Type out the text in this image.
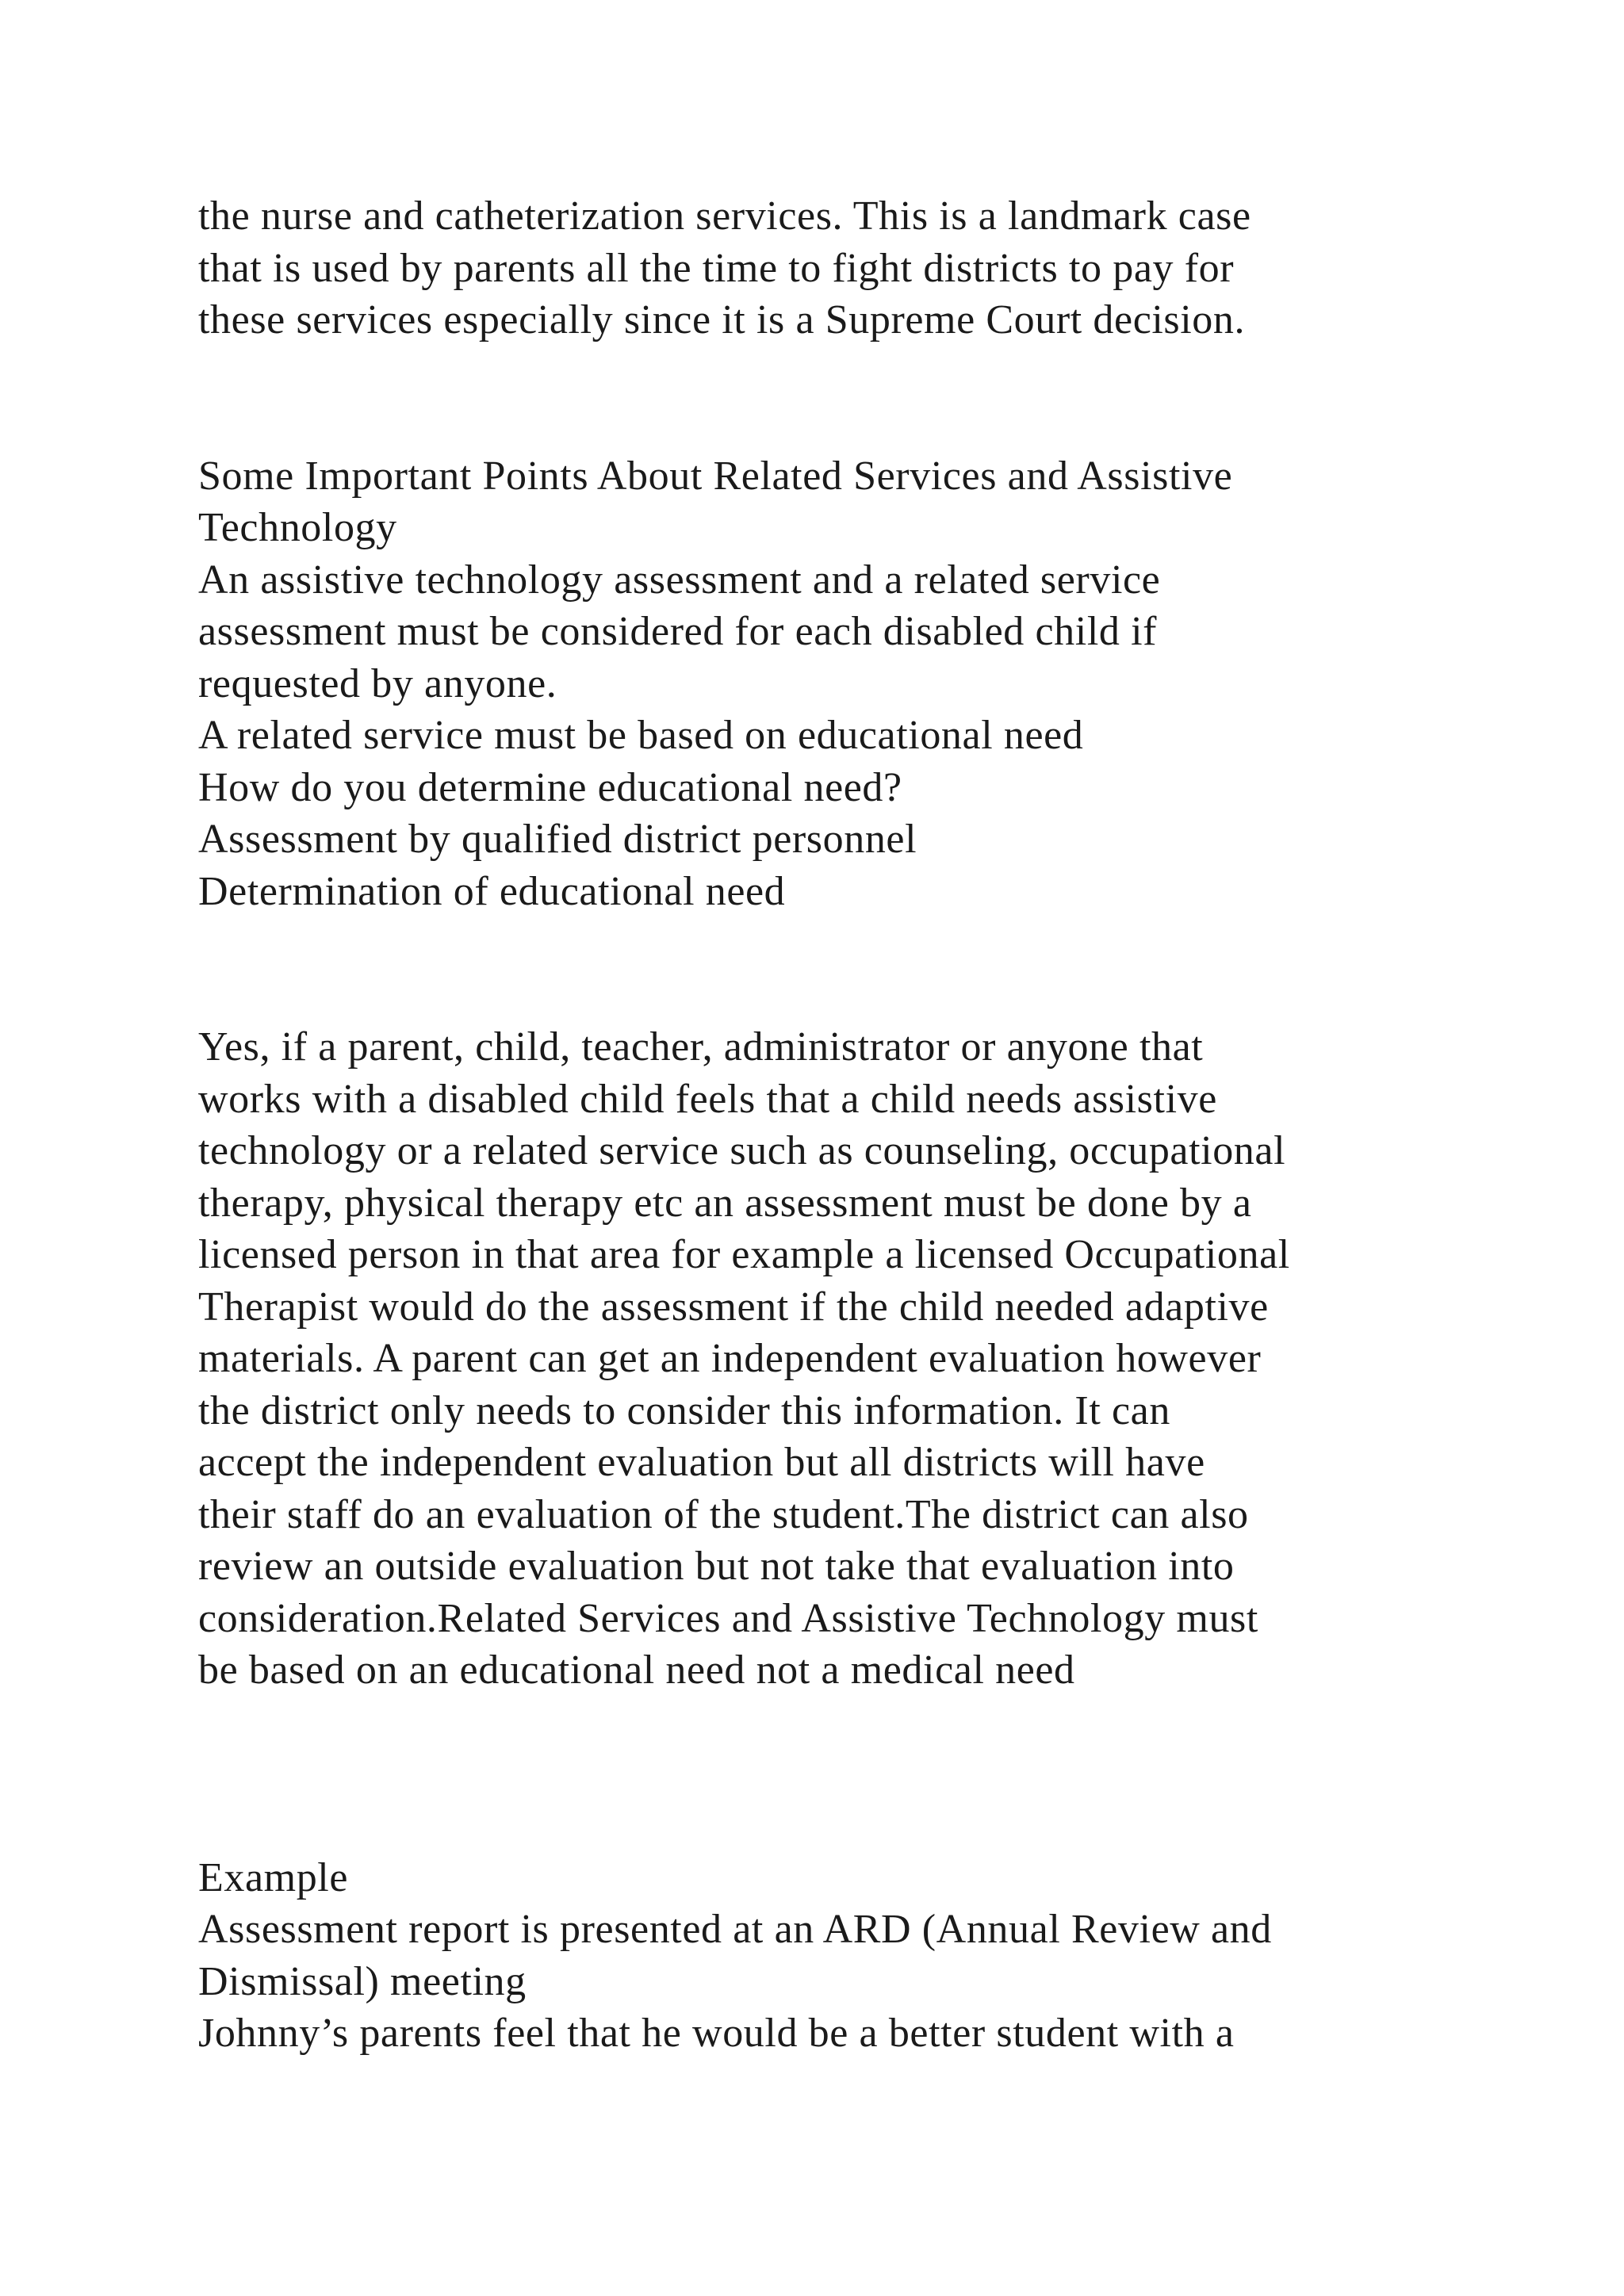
the nurse and catheterization services. This is a landmark case
that is used by parents all the time to fight districts to pay for
these services especially since it is a Supreme Court decision.
Some Important Points About Related Services and Assistive
Technology
An assistive technology assessment and a related service
assessment must be considered for each disabled child if
requested by anyone.
A related service must be based on educational need
How do you determine educational need?
Assessment by qualified district personnel
Determination of educational need
Yes, if a parent, child, teacher, administrator or anyone that
works with a disabled child feels that a child needs assistive
technology or a related service such as counseling, occupational
therapy, physical therapy etc an assessment must be done by a
licensed person in that area for example a licensed Occupational
Therapist would do the assessment if the child needed adaptive
materials. A parent can get an independent evaluation however
the district only needs to consider this information. It can
accept the independent evaluation but all districts will have
their staff do an evaluation of the student.The district can also
review an outside evaluation but not take that evaluation into
consideration.Related Services and Assistive Technology must
be based on an educational need not a medical need
Example
Assessment report is presented at an ARD (Annual Review and
Dismissal) meeting
Johnny’s parents feel that he would be a better student with a
